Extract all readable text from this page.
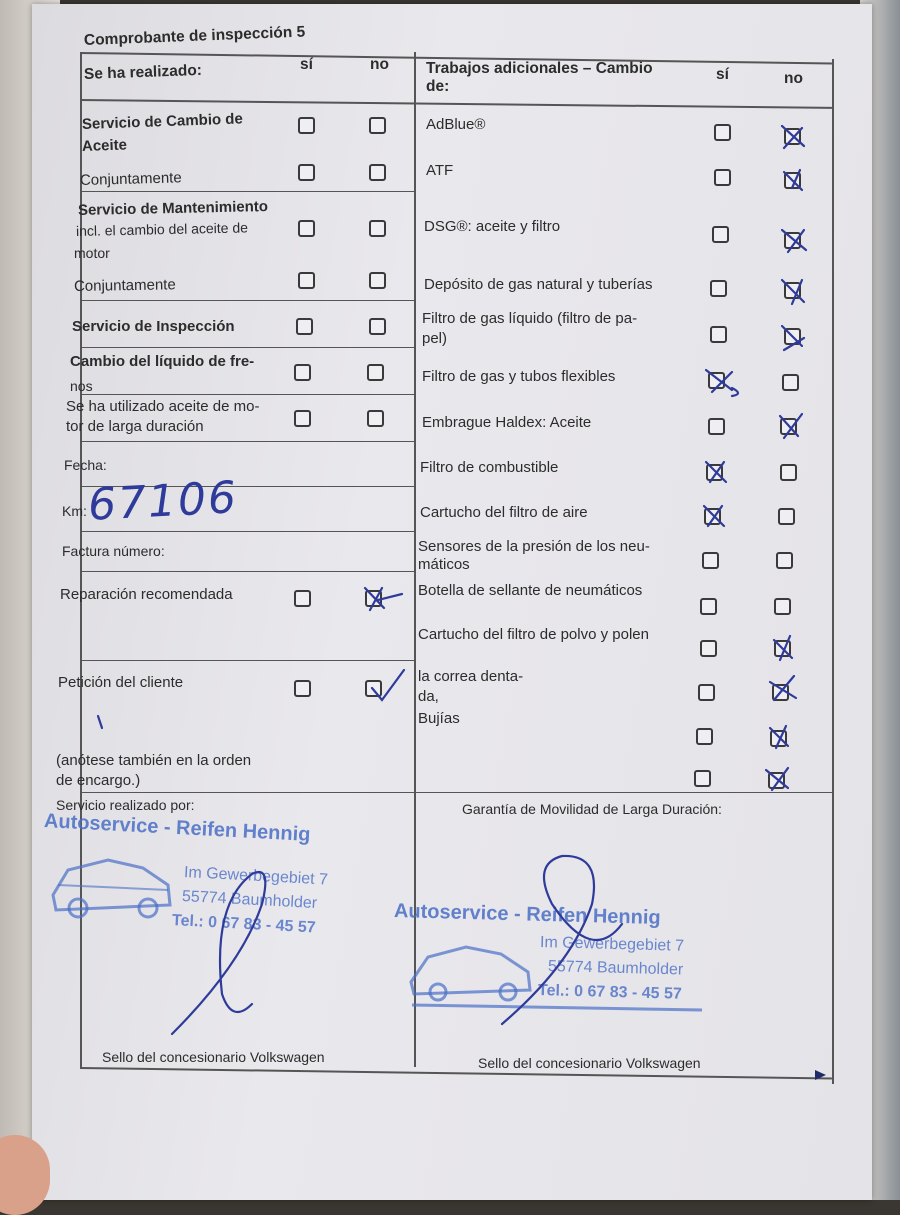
Comprobante de inspección 5
Se ha realizado:	sí	no Trabajos adicionales – Cambio
de:
sí	no
Servicio de Cambio de
Aceite
Conjuntamente
Servicio de Mantenimiento
incl. el cambio del aceite de
motor
Conjuntamente
Servicio de Inspección
Cambio del líquido de fre-
nos
Se ha utilizado aceite de mo-
tor de larga duración
Fecha:
Km: 67106
Factura número:
Reparación recomendada
Petición del cliente
(anótese también en la orden
de encargo.)
AdBlue®
ATF
DSG®: aceite y filtro
Depósito de gas natural y tuberías
Filtro de gas líquido (filtro de pa-
pel)
Filtro de gas y tubos flexibles
Embrague Haldex: Aceite
Filtro de combustible
Cartucho del filtro de aire
Sensores de la presión de los neu-
máticos
Botella de sellante de neumáticos
Cartucho del filtro de polvo y polen
la correa denta-
da,
Bujías
Servicio realizado por:	Garantía de Movilidad de Larga Duración:
Sello del concesionario Volkswagen	Sello del concesionario Volkswagen
Autoservice - Reifen Hennig
Im Gewerbegebiet 7
55774 Baumholder
Tel.: 0 67 83 - 45 57	Autoservice - Reifen Hennig
Im Gewerbegebiet 7
55774 Baumholder
Tel.: 0 67 83 - 45 57
